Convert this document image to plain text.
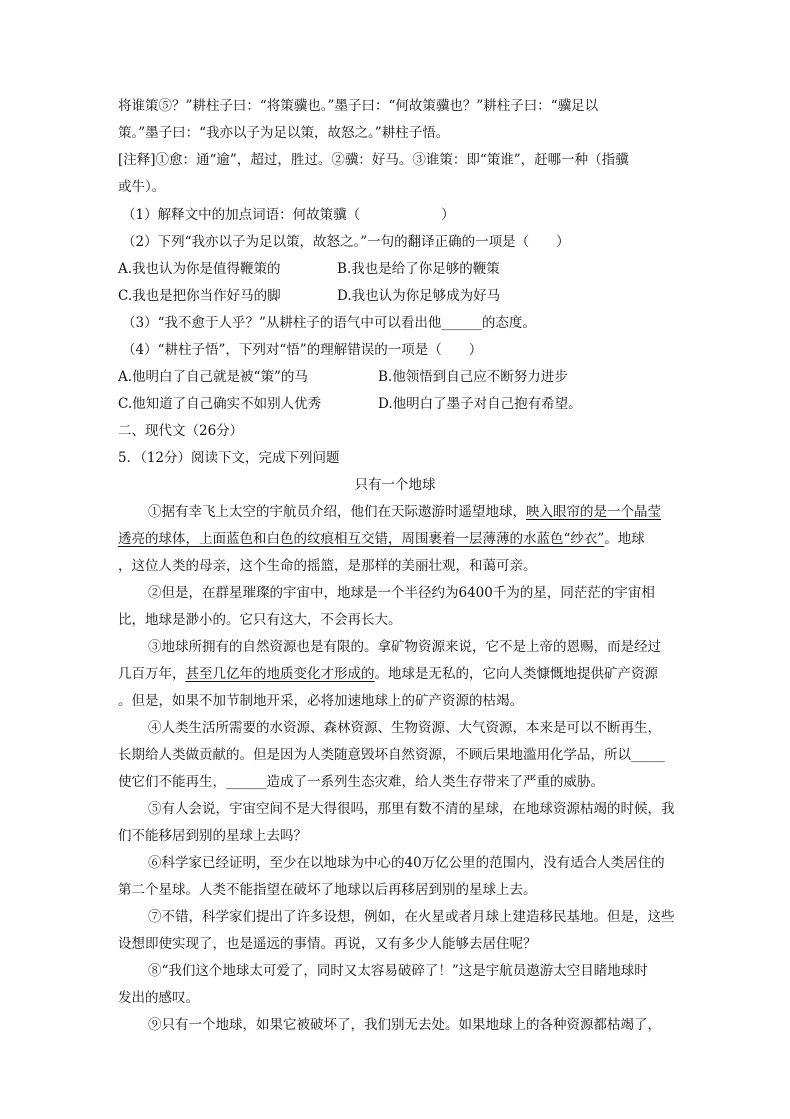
将谁策⑤？”耕柱子曰：“将策骥也。”墨子曰：“何故策骥也？”耕柱子曰：“骥足以
策。”墨子曰：“我亦以子为足以策，故怒之。”耕柱子悟。
[注释]①愈：通“逾”，超过，胜过。②骥：好马。③谁策：即“策谁”，赶哪一种（指骥
或牛）。
（1）解释文中的加点词语：何故策骥（　　　　　　）
（2）下列“我亦以子为足以策，故怒之。”一句的翻译正确的一项是（　　）
A.我也认为你是值得鞭策的	B.我也是给了你足够的鞭策
C.我也是把你当作好马的脚	D.我也认为你足够成为好马
（3）“我不愈于人乎？”从耕柱子的语气中可以看出他______的态度。
（4）“耕柱子悟”，下列对“悟”的理解错误的一项是（　　）
A.他明白了自己就是被“策”的马	B.他领悟到自己应不断努力进步
C.他知道了自己确实不如别人优秀	D.他明白了墨子对自己抱有希望。
二、现代文（26分）
5．（12分）阅读下文，完成下列问题
只有一个地球
①据有幸飞上太空的宇航员介绍，他们在天际遨游时遥望地球，映入眼帘的是一个晶莹
透亮的球体，上面蓝色和白色的纹痕相互交错，周围裹着一层薄薄的水蓝色“纱衣”。地球
，这位人类的母亲，这个生命的摇篮，是那样的美丽壮观，和蔼可亲。
②但是，在群星璀璨的宇宙中，地球是一个半径约为6400千为的星，同茫茫的宇宙相
比，地球是渺小的。它只有这大，不会再长大。
③地球所拥有的自然资源也是有限的。拿矿物资源来说，它不是上帝的恩赐，而是经过
几百万年，甚至几亿年的地质变化才形成的。地球是无私的，它向人类慷慨地提供矿产资源
。但是，如果不加节制地开采，必将加速地球上的矿产资源的枯竭。
④人类生活所需要的水资源、森林资源、生物资源、大气资源，本来是可以不断再生，
长期给人类做贡献的。但是因为人类随意毁坏自然资源，不顾后果地滥用化学品，所以_____
使它们不能再生，______造成了一系列生态灾难，给人类生存带来了严重的威胁。
⑤有人会说，宇宙空间不是大得很吗，那里有数不清的星球，在地球资源枯竭的时候，我
们不能移居到别的星球上去吗？
⑥科学家已经证明，至少在以地球为中心的40万亿公里的范围内，没有适合人类居住的
第二个星球。人类不能指望在破坏了地球以后再移居到别的星球上去。
⑦不错，科学家们提出了许多设想，例如，在火星或者月球上建造移民基地。但是，这些
设想即使实现了，也是遥远的事情。再说，又有多少人能够去居住呢？
⑧“我们这个地球太可爱了，同时又太容易破碎了！”这是宇航员遨游太空目睹地球时
发出的感叹。
⑨只有一个地球，如果它被破坏了，我们别无去处。如果地球上的各种资源都枯竭了，
